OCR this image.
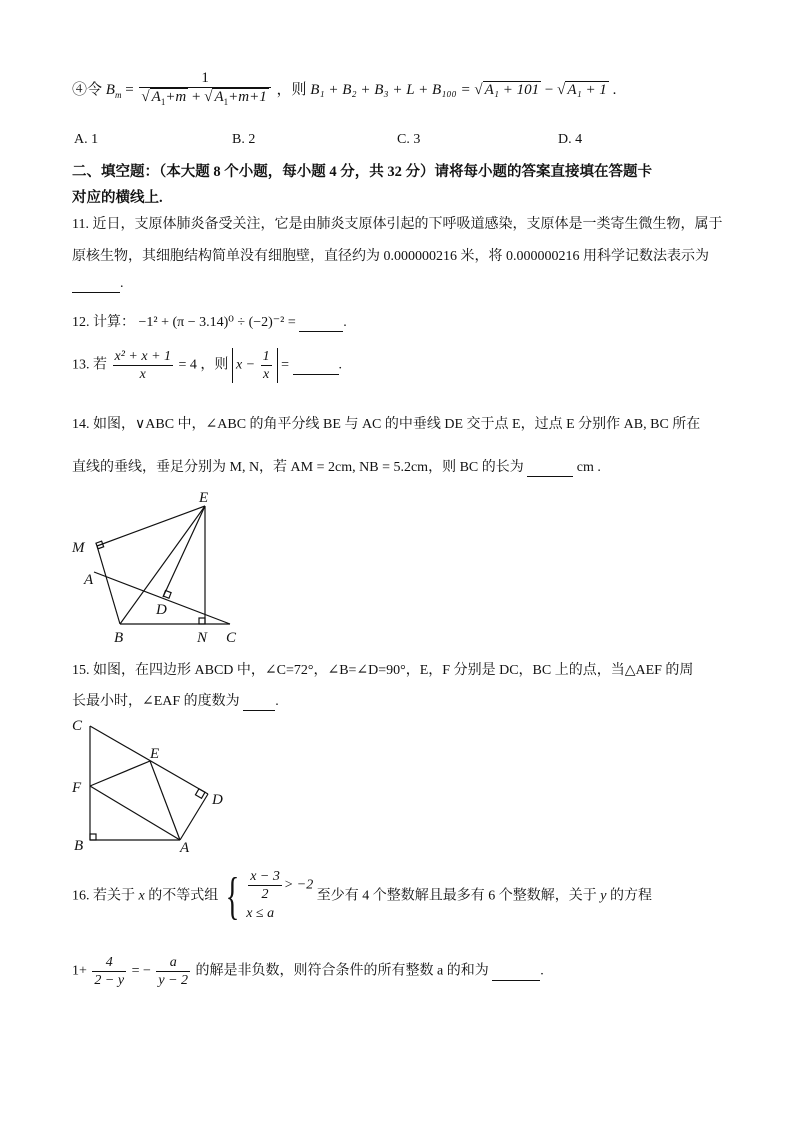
④令 $B_m = \frac{1}{√ A_1+m + √ A_1+m+1}$ ，则 B₁ + B₂ + B₃ + L + B₁₀₀ = √ A₁ + 101 − √ A₁ + 1 .
A. 1	B. 2	C. 3	D. 4
二、填空题：（本大题 8 个小题，每小题 4 分，共 32 分）请将每小题的答案直接填在答题卡
对应的横线上.
11. 近日，支原体肺炎备受关注，它是由肺炎支原体引起的下呼吸道感染，支原体是一类寄生微生物，属于
原核生物，其细胞结构简单没有细胞壁，直径约为 0.000000216 米，将 0.000000216 用科学记数法表示为
.
12. 计算： −1² + (π − 3.14)⁰ ÷ (−2)⁻² =	.
13. 若 $\frac{\text{x² + x + 1}}{x} = 4$ ，则 $x - \frac{1}{x}$ =	.
14. 如图，∨ABC 中，∠ABC 的角平分线 BE 与 AC 的中垂线 DE 交于点 E，过点 E 分别作 AB, BC 所在
直线的垂线，垂足分别为 M, N，若 AM = 2cm, NB = 5.2cm，则 BC 的长为	cm .
E
M
A
D
B	N C
15. 如图，在四边形 ABCD 中，∠C=72°，∠B=∠D=90°，E，F 分别是 DC，BC 上的点，当△AEF 的周
长最小时，∠EAF 的度数为	.
C
E
F
D
B	A
16. 若关于 x 的不等式组 { $\frac{x - 3}{2} > -2$
x ≤ a
至少有 4 个整数解且最多有 6 个整数解，关于 y 的方程
$1+ \frac{4}{2 - y}$ = − $\frac{a}{y - 2}$ 的解是非负数，则符合条件的所有整数 a 的和为	.
